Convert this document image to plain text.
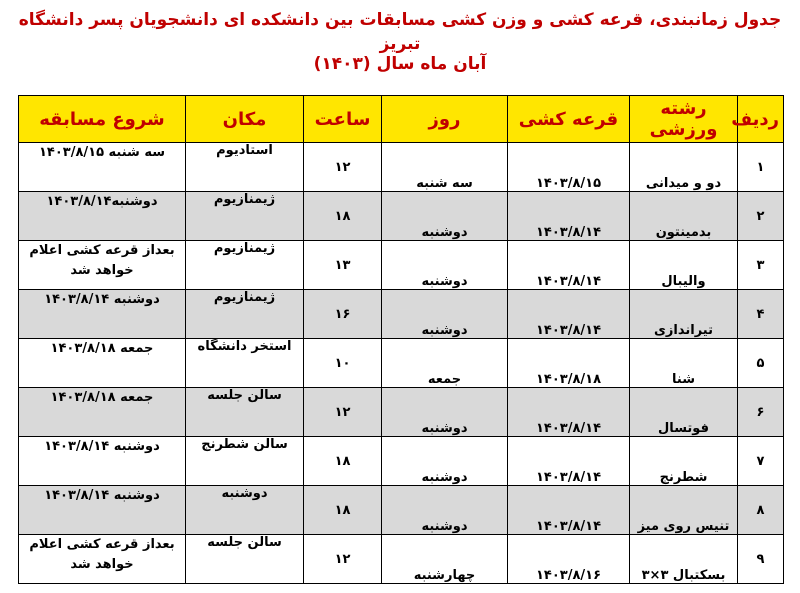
جدول زمانبندی، قرعه کشی و وزن کشی مسابقات بین دانشکده ای دانشجویان پسر دانشگاه تبریز
آبان ماه سال (۱۴۰۳)
ردیف	رشته ورزشی	قرعه کشی	روز	ساعت	مکان	شروع مسابقه
۱	دو و میدانی	۱۴۰۳/۸/۱۵	سه شنبه	۱۲	استادیوم	سه شنبه ۱۴۰۳/۸/۱۵
۲	بدمینتون	۱۴۰۳/۸/۱۴	دوشنبه	۱۸	ژیمنازیوم	دوشنبه۱۴۰۳/۸/۱۴
۳	والیبال	۱۴۰۳/۸/۱۴	دوشنبه	۱۳	ژیمنازیوم	بعداز قرعه کشی اعلام خواهد شد
۴	تیراندازی	۱۴۰۳/۸/۱۴	دوشنبه	۱۶	ژیمنازیوم	دوشنبه ۱۴۰۳/۸/۱۴
۵	شنا	۱۴۰۳/۸/۱۸	جمعه	۱۰	استخر دانشگاه	جمعه ۱۴۰۳/۸/۱۸
۶	فوتسال	۱۴۰۳/۸/۱۴	دوشنبه	۱۲	سالن جلسه	جمعه ۱۴۰۳/۸/۱۸
۷	شطرنج	۱۴۰۳/۸/۱۴	دوشنبه	۱۸	سالن شطرنج	دوشنبه ۱۴۰۳/۸/۱۴
۸	تنیس روی میز	۱۴۰۳/۸/۱۴	دوشنبه	۱۸	دوشنبه	دوشنبه ۱۴۰۳/۸/۱۴
۹	بسکتبال ۳×۳	۱۴۰۳/۸/۱۶	چهارشنبه	۱۲	سالن جلسه	بعداز قرعه کشی اعلام خواهد شد
